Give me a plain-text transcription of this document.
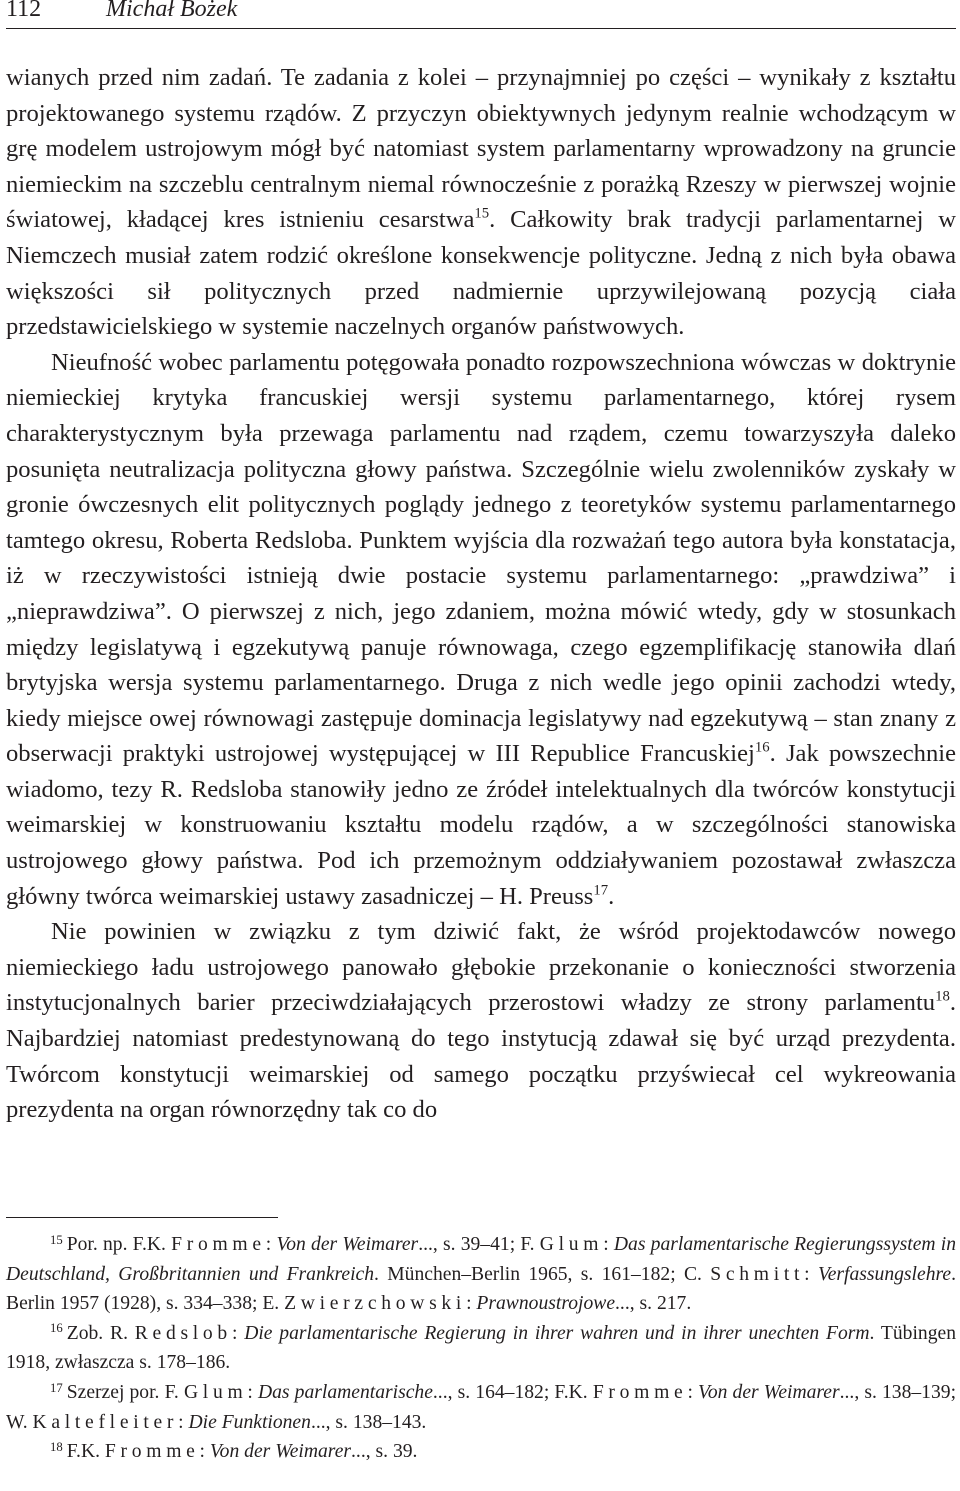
112	Michał Bożek

wianych przed nim zadań. Te zadania z kolei – przynajmniej po części – wynikały z kształtu projektowanego systemu rządów. Z przyczyn obiektywnych jedynym realnie wchodzącym w grę modelem ustrojowym mógł być natomiast system parlamentarny wprowadzony na gruncie niemieckim na szczeblu centralnym niemal równocześnie z porażką Rzeszy w pierwszej wojnie światowej, kładącej kres istnieniu cesarstwa$^{15}$. Całkowity brak tradycji parlamentarnej w Niemczech musiał zatem rodzić określone konsekwencje polityczne. Jedną z nich była obawa większości sił politycznych przed nadmiernie uprzywilejowaną pozycją ciała przedstawicielskiego w systemie naczelnych organów państwowych.

Nieufność wobec parlamentu potęgowała ponadto rozpowszechniona wówczas w doktrynie niemieckiej krytyka francuskiej wersji systemu parlamentarnego, której rysem charakterystycznym była przewaga parlamentu nad rządem, czemu towarzyszyła daleko posunięta neutralizacja polityczna głowy państwa. Szczególnie wielu zwolenników zyskały w gronie ówczesnych elit politycznych poglądy jednego z teoretyków systemu parlamentarnego tamtego okresu, Roberta Redsloba. Punktem wyjścia dla rozważań tego autora była konstatacja, iż w rzeczywistości istnieją dwie postacie systemu parlamentarnego: „prawdziwa” i „nieprawdziwa”. O pierwszej z nich, jego zdaniem, można mówić wtedy, gdy w stosunkach między legislatywą i egzekutywą panuje równowaga, czego egzemplifikację stanowiła dlań brytyjska wersja systemu parlamentarnego. Druga z nich wedle jego opinii zachodzi wtedy, kiedy miejsce owej równowagi zastępuje dominacja legislatywy nad egzekutywą – stan znany z obserwacji praktyki ustrojowej występującej w III Republice Francuskiej$^{16}$. Jak powszechnie wiadomo, tezy R. Redsloba stanowiły jedno ze źródeł intelektualnych dla twórców konstytucji weimarskiej w konstruowaniu kształtu modelu rządów, a w szczególności stanowiska ustrojowego głowy państwa. Pod ich przemożnym oddziaływaniem pozostawał zwłaszcza główny twórca weimarskiej ustawy zasadniczej – H. Preuss$^{17}$.

Nie powinien w związku z tym dziwić fakt, że wśród projektodawców nowego niemieckiego ładu ustrojowego panowało głębokie przekonanie o konieczności stworzenia instytucjonalnych barier przeciwdziałających przerostowi władzy ze strony parlamentu$^{18}$. Najbardziej natomiast predestynowaną do tego instytucją zdawał się być urząd prezydenta. Twórcom konstytucji weimarskiej od samego początku przyświecał cel wykreowania prezydenta na organ równorzędny tak co do

$^{15}$ Por. np. F.K. Fromme: Von der Weimarer..., s. 39–41; F. Glum: Das parlamentarische Regierungssystem in Deutschland, Großbritannien und Frankreich. München–Berlin 1965, s. 161–182; C. Schmitt: Verfassungslehre. Berlin 1957 (1928), s. 334–338; E. Zwierzchowski: Prawnoustrojowe..., s. 217.

$^{16}$ Zob. R. Redslob: Die parlamentarische Regierung in ihrer wahren und in ihrer unechten Form. Tübingen 1918, zwłaszcza s. 178–186.

$^{17}$ Szerzej por. F. Glum: Das parlamentarische..., s. 164–182; F.K. Fromme: Von der Weimarer..., s. 138–139; W. Kaltefleiter: Die Funktionen..., s. 138–143.

$^{18}$ F.K. Fromme: Von der Weimarer..., s. 39.
